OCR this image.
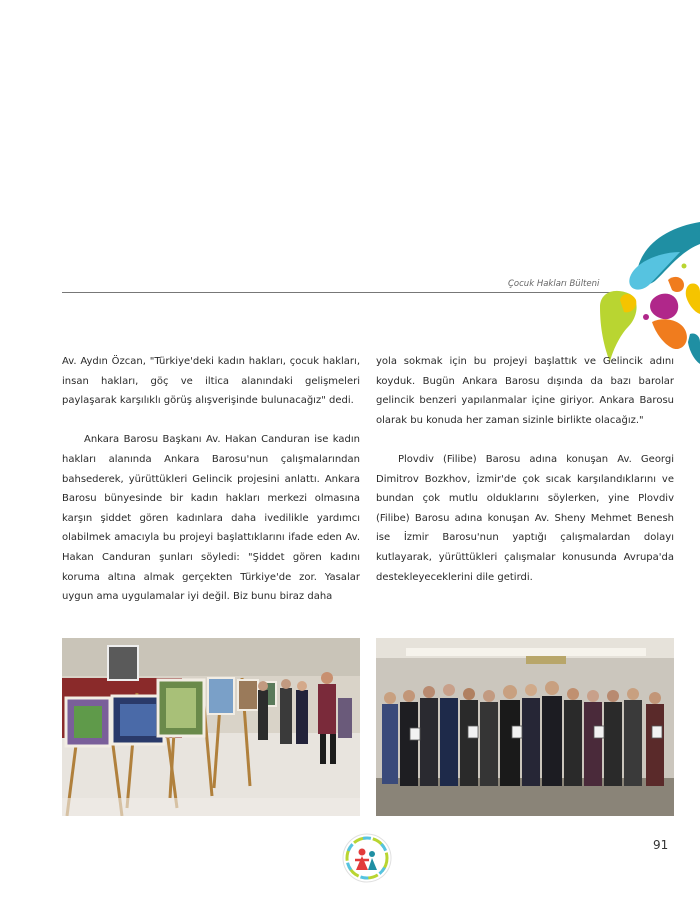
Çocuk Hakları Bülteni

Av. Aydın Özcan, "Türkiye'deki kadın hakları, çocuk hakları, insan hakları, göç ve iltica alanındaki gelişmeleri paylaşarak karşılıklı görüş alışverişinde bulunacağız" dedi.

Ankara Barosu Başkanı Av. Hakan Canduran ise kadın hakları alanında Ankara Barosu'nun çalışmalarından bahsederek, yürüttükleri Gelincik projesini anlattı. Ankara Barosu bünyesinde bir kadın hakları merkezi olmasına karşın şiddet gören kadınlara daha ivedilikle yardımcı olabilmek amacıyla bu projeyi başlattıklarını ifade eden Av. Hakan Canduran şunları söyledi: "Şiddet gören kadını koruma altına almak gerçekten Türkiye'de zor. Yasalar uygun ama uygulamalar iyi değil. Biz bunu biraz daha

yola sokmak için bu projeyi başlattık ve Gelincik adını koyduk. Bugün Ankara Barosu dışında da bazı barolar gelincik benzeri yapılanmalar içine giriyor. Ankara Barosu olarak bu konuda her zaman sizinle birlikte olacağız."

Plovdiv (Filibe) Barosu adına konuşan Av. Georgi Dimitrov Bozkhov, İzmir'de çok sıcak karşılandıklarını ve bundan çok mutlu olduklarını söylerken, yine Plovdiv (Filibe) Barosu adına konuşan Av. Sheny Mehmet Benesh ise İzmir Barosu'nun yaptığı çalışmalardan dolayı kutlayarak, yürüttükleri çalışmalar konusunda Avrupa'da destekleyeceklerini dile getirdi.

91
